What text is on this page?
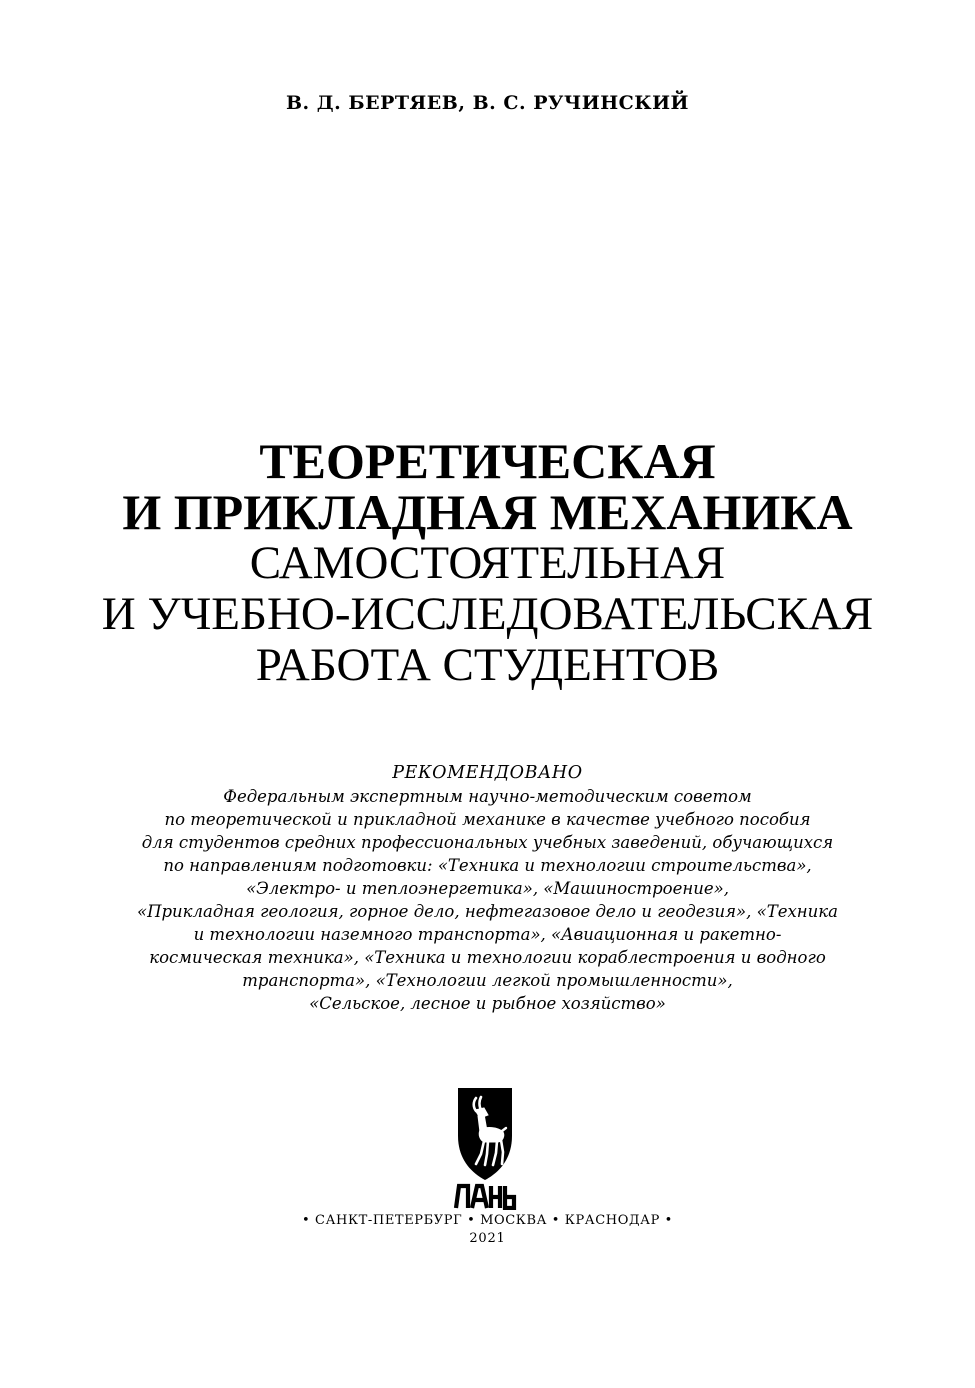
В. Д. БЕРТЯЕВ, В. С. РУЧИНСКИЙ
ТЕОРЕТИЧЕСКАЯ
И ПРИКЛАДНАЯ МЕХАНИКА
САМОСТОЯТЕЛЬНАЯ
И УЧЕБНО-ИССЛЕДОВАТЕЛЬСКАЯ
РАБОТА СТУДЕНТОВ
РЕКОМЕНДОВАНО
Федеральным экспертным научно-методическим советом
по теоретической и прикладной механике в качестве учебного пособия
для студентов средних профессиональных учебных заведений, обучающихся
по направлениям подготовки: «Техника и технологии строительства»,
«Электро- и теплоэнергетика», «Машиностроение»,
«Прикладная геология, горное дело, нефтегазовое дело и геодезия», «Техника
и технологии наземного транспорта», «Авиационная и ракетно-
космическая техника», «Техника и технологии кораблестроения и водного
транспорта», «Технологии легкой промышленности»,
«Сельское, лесное и рыбное хозяйство»
• САНКТ-ПЕТЕРБУРГ • МОСКВА • КРАСНОДАР •
2021
